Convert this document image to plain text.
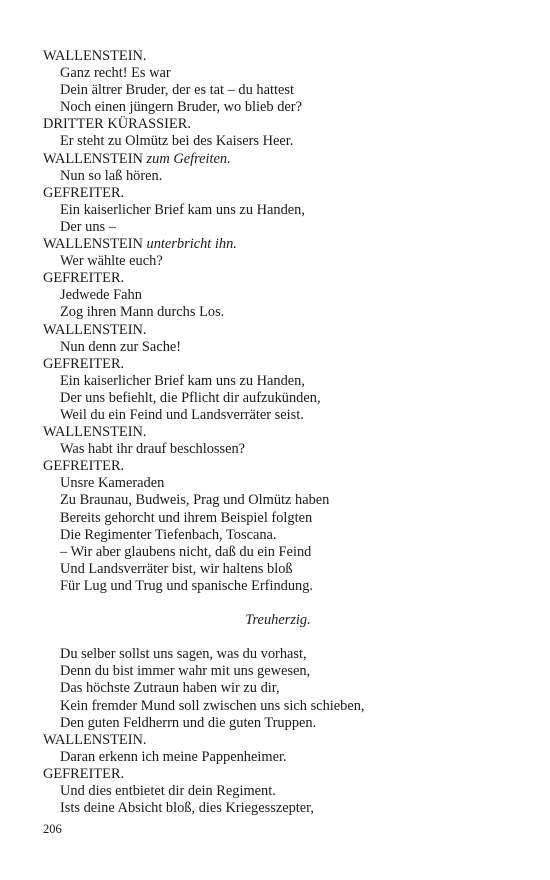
WALLENSTEIN.
Ganz recht! Es war
Dein ältrer Bruder, der es tat – du hattest
Noch einen jüngern Bruder, wo blieb der?
DRITTER KÜRASSIER.
Er steht zu Olmütz bei des Kaisers Heer.
WALLENSTEIN zum Gefreiten.
Nun so laß hören.
GEFREITER.
Ein kaiserlicher Brief kam uns zu Handen,
Der uns –
WALLENSTEIN unterbricht ihn.
Wer wählte euch?
GEFREITER.
Jedwede Fahn
Zog ihren Mann durchs Los.
WALLENSTEIN.
Nun denn zur Sache!
GEFREITER.
Ein kaiserlicher Brief kam uns zu Handen,
Der uns befiehlt, die Pflicht dir aufzukünden,
Weil du ein Feind und Landsverräter seist.
WALLENSTEIN.
Was habt ihr drauf beschlossen?
GEFREITER.
Unsre Kameraden
Zu Braunau, Budweis, Prag und Olmütz haben
Bereits gehorcht und ihrem Beispiel folgten
Die Regimenter Tiefenbach, Toscana.
– Wir aber glaubens nicht, daß du ein Feind
Und Landsverräter bist, wir haltens bloß
Für Lug und Trug und spanische Erfindung.
Treuherzig.
Du selber sollst uns sagen, was du vorhast,
Denn du bist immer wahr mit uns gewesen,
Das höchste Zutraun haben wir zu dir,
Kein fremder Mund soll zwischen uns sich schieben,
Den guten Feldherrn und die guten Truppen.
WALLENSTEIN.
Daran erkenn ich meine Pappenheimer.
GEFREITER.
Und dies entbietet dir dein Regiment.
Ists deine Absicht bloß, dies Kriegesszepter,
206
